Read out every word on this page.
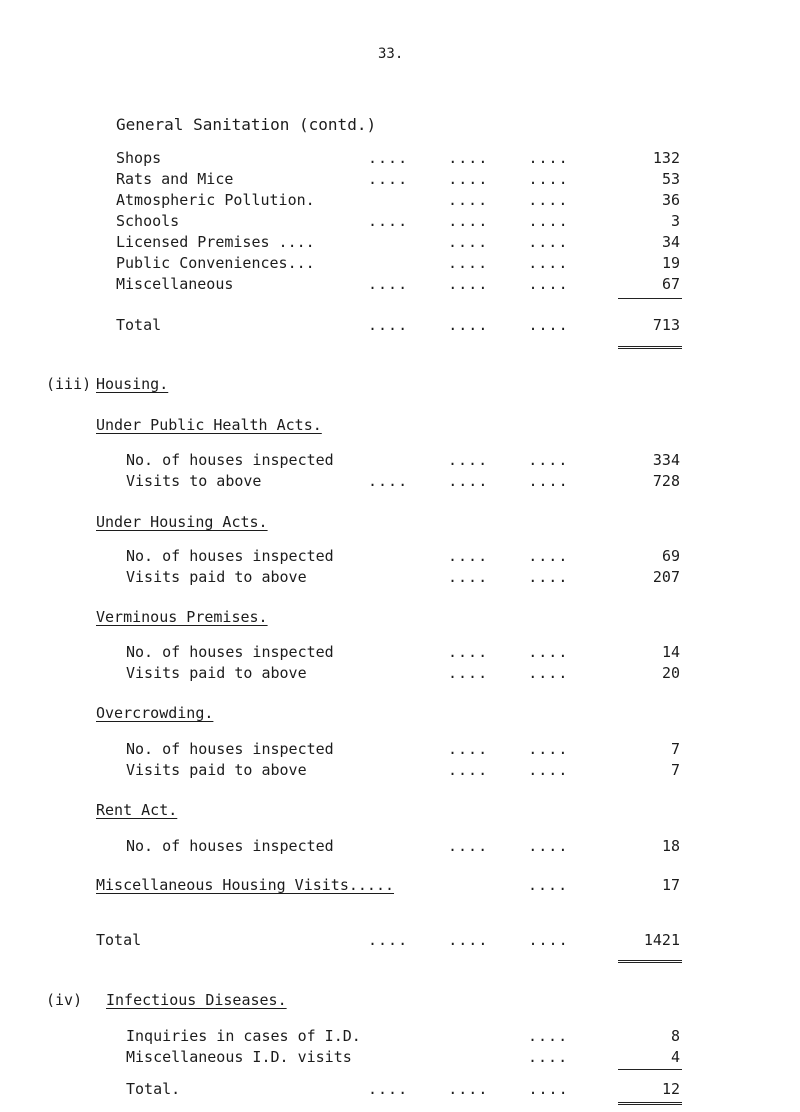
33.
General Sanitation (contd.)
Shops	....    ....    ....	132
Rats and Mice	....    ....    ....	53
Atmospheric Pollution.	....    ....	36
Schools	....    ....    ....	3
Licensed Premises ....	....    ....	34
Public Conveniences...	....    ....	19
Miscellaneous	....    ....    ....	67
Total	....    ....    ....	713
(iii) Housing.
Under Public Health Acts.
No. of houses inspected	....    ....	334
Visits to above	....    ....    ....	728
Under Housing Acts.
No. of houses inspected	....    ....	69
Visits paid to above	....    ....	207
Verminous Premises.
No. of houses inspected	....    ....	14
Visits paid to above	....    ....	20
Overcrowding.
No. of houses inspected	....    ....	7
Visits paid to above	....    ....	7
Rent Act.
No. of houses inspected	....    ....	18
Miscellaneous Housing Visits.....	....	17
Total	....    ....    ....	1421
(iv) Infectious Diseases.
Inquiries in cases of I.D.	....	8
Miscellaneous I.D. visits	....	4
Total.	....    ....    ....	12
